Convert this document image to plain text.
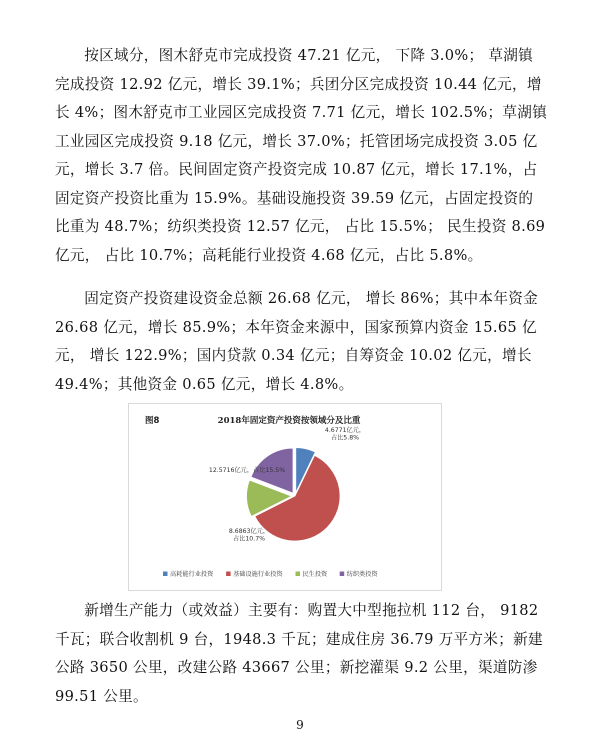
按区域分，图木舒克市完成投资 47.21 亿元， 下降 3.0%； 草湖镇
完成投资 12.92 亿元，增长 39.1%；兵团分区完成投资 10.44 亿元，增
长 4%；图木舒克市工业园区完成投资 7.71 亿元，增长 102.5%；草湖镇
工业园区完成投资 9.18 亿元，增长 37.0%；托管团场完成投资 3.05 亿
元，增长 3.7 倍。民间固定资产投资完成 10.87 亿元，增长 17.1%，占
固定资产投资比重为 15.9%。基础设施投资 39.59 亿元，占固定投资的
比重为 48.7%；纺织类投资 12.57 亿元， 占比 15.5%； 民生投资 8.69
亿元， 占比 10.7%；高耗能行业投资 4.68 亿元，占比 5.8%。
固定资产投资建设资金总额 26.68 亿元， 增长 86%；其中本年资金
26.68 亿元，增长 85.9%；本年资金来源中，国家预算内资金 15.65 亿
元， 增长 122.9%；国内贷款 0.34 亿元；自筹资金 10.02 亿元，增长
49.4%；其他资金 0.65 亿元，增长 4.8%。
图8	2018年固定资产投资按领域分及比重
4.6771亿元，占比5.8%
39.5899亿元，占比48.7%
8.6863亿元，占比10.7%
12.5716亿元，占比15.5%
高耗能行业投资	基础设施行业投资	民生投资	纺织类投资
新增生产能力（或效益）主要有：购置大中型拖拉机 112 台， 9182
千瓦；联合收割机 9 台，1948.3 千瓦；建成住房 36.79 万平方米；新建
公路 3650 公里，改建公路 43667 公里；新挖灌渠 9.2 公里，渠道防渗
99.51 公里。
9
